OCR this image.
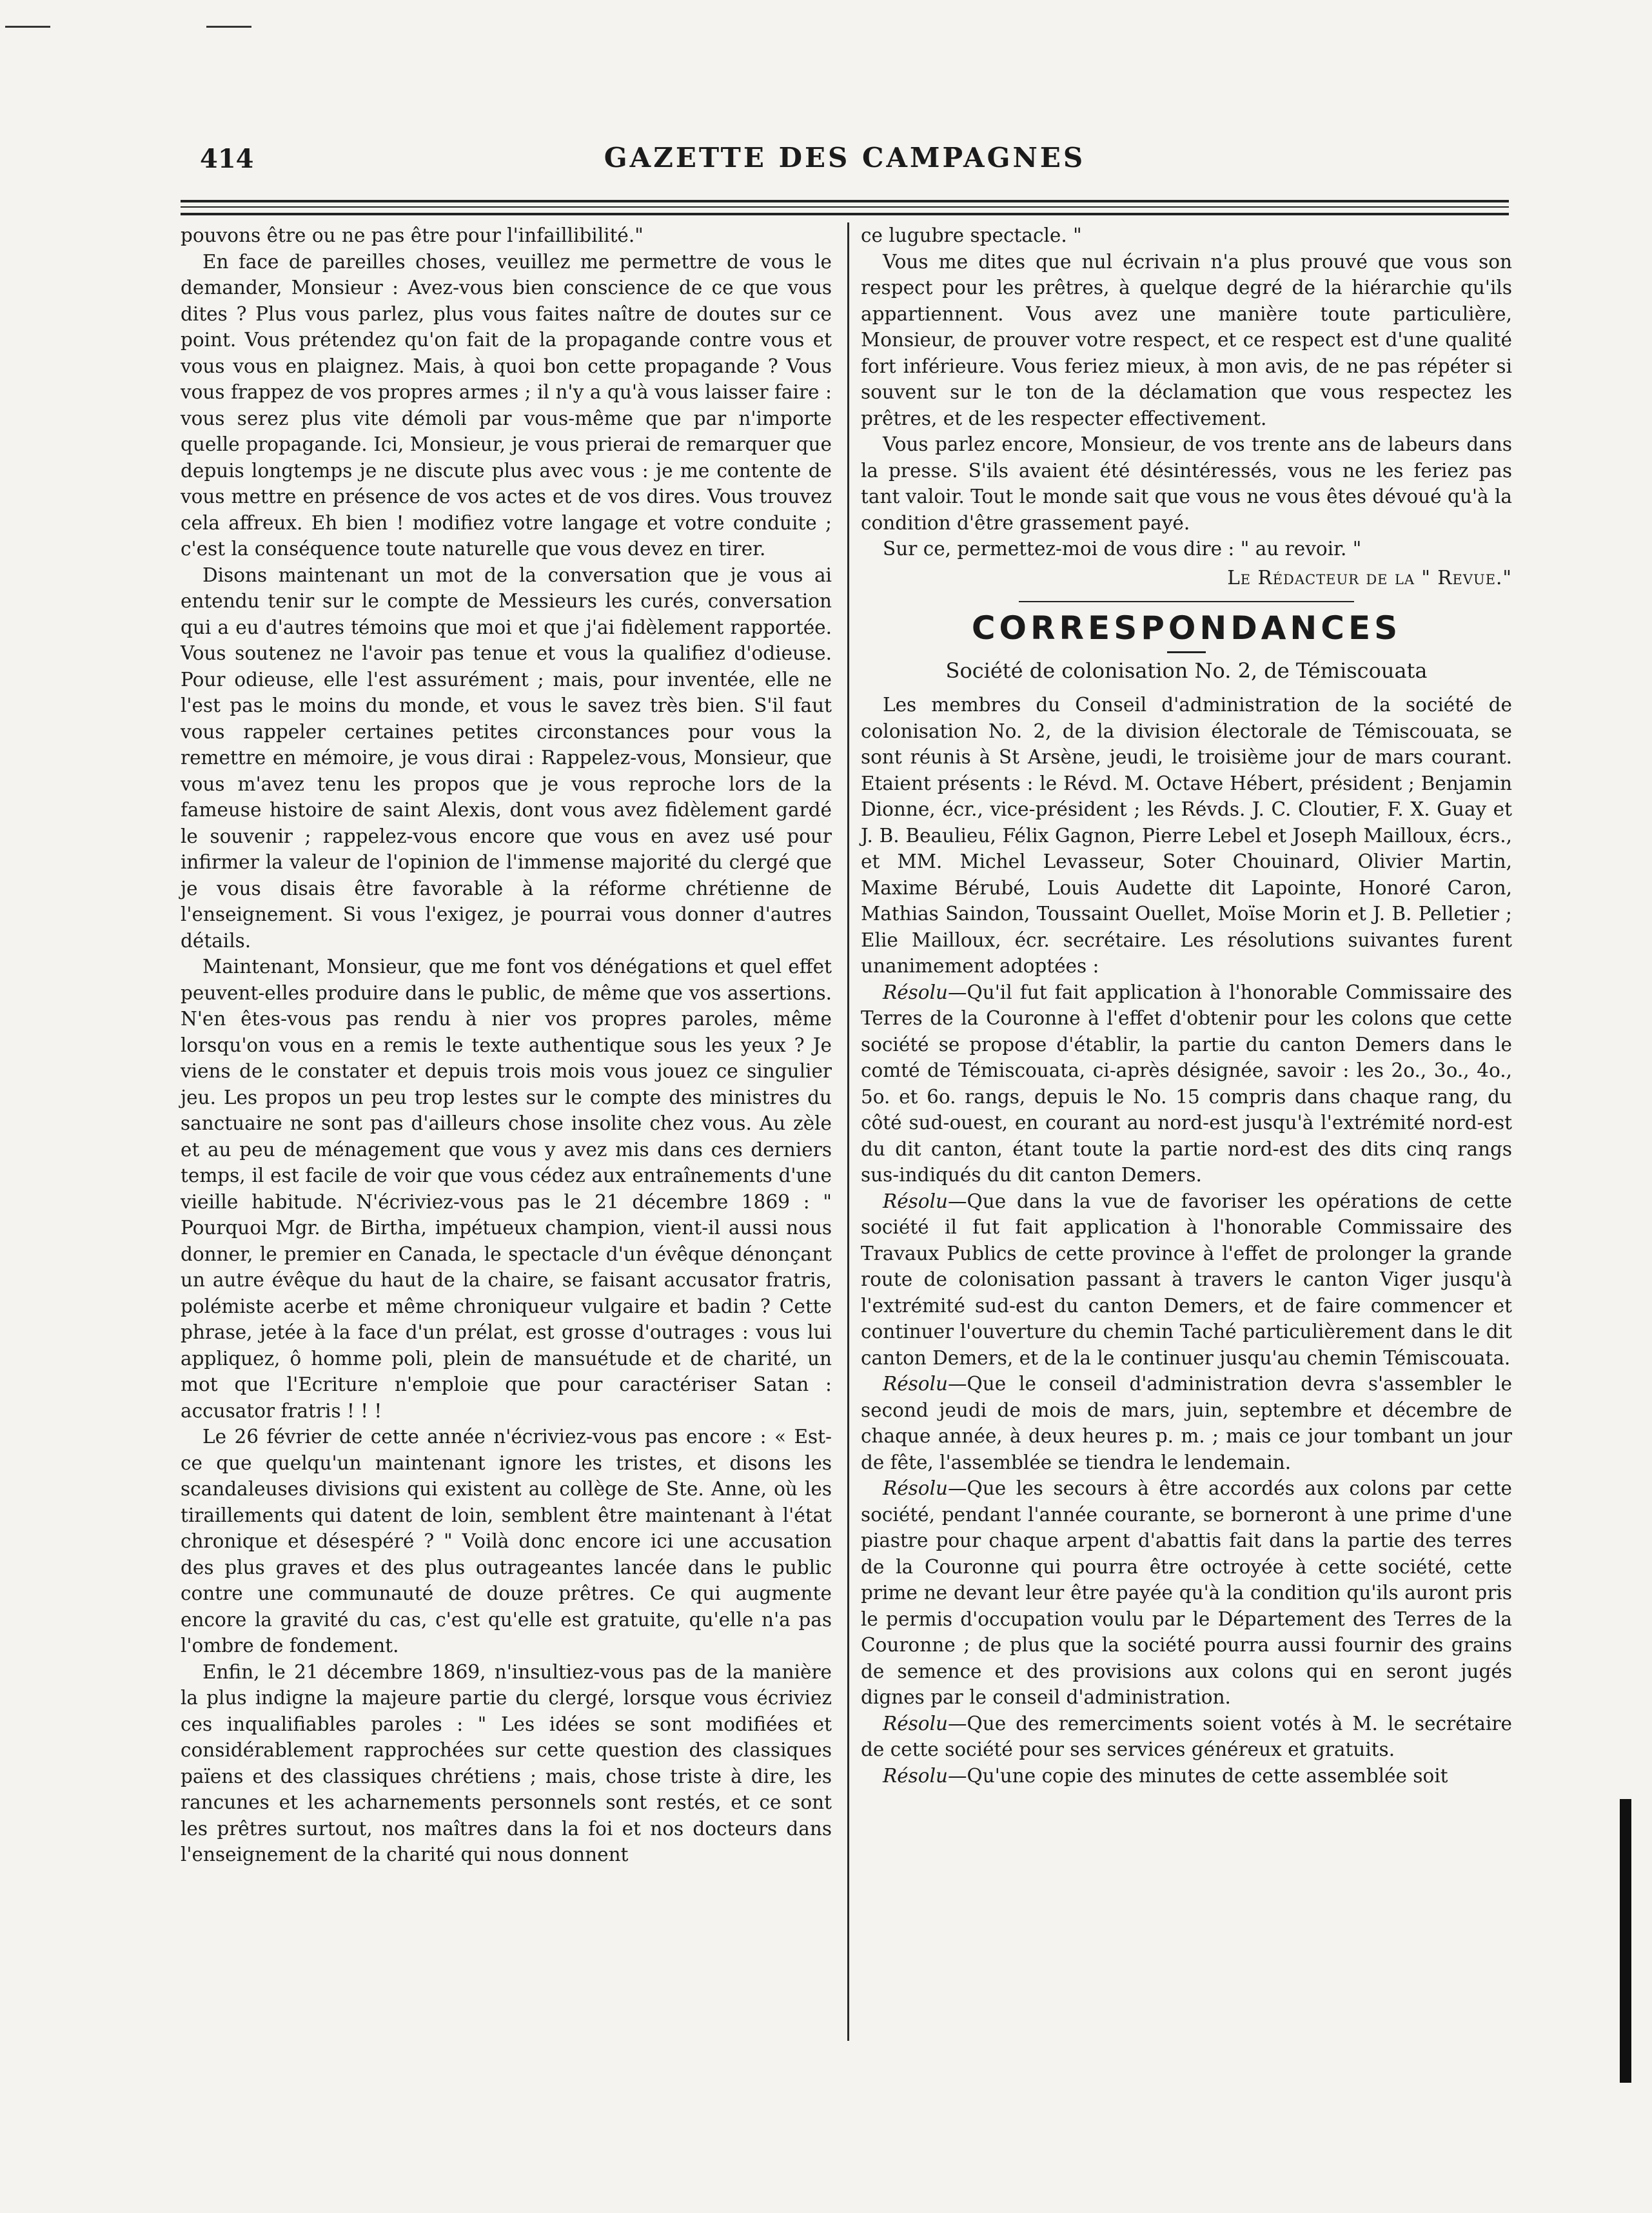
414	GAZETTE DES CAMPAGNES

pouvons être ou ne pas être pour l'infaillibilité."

En face de pareilles choses, veuillez me permettre de vous le demander, Monsieur : Avez-vous bien conscience de ce que vous dites ? Plus vous parlez, plus vous faites naître de doutes sur ce point. Vous prétendez qu'on fait de la propagande contre vous et vous vous en plaignez. Mais, à quoi bon cette propagande ? Vous vous frappez de vos propres armes ; il n'y a qu'à vous laisser faire : vous serez plus vite démoli par vous-même que par n'importe quelle propagande. Ici, Monsieur, je vous prierai de remarquer que depuis longtemps je ne discute plus avec vous : je me contente de vous mettre en présence de vos actes et de vos dires. Vous trouvez cela affreux. Eh bien ! modifiez votre langage et votre conduite ; c'est la conséquence toute naturelle que vous devez en tirer.

Disons maintenant un mot de la conversation que je vous ai entendu tenir sur le compte de Messieurs les curés, conversation qui a eu d'autres témoins que moi et que j'ai fidèlement rapportée. Vous soutenez ne l'avoir pas tenue et vous la qualifiez d'odieuse. Pour odieuse, elle l'est assurément ; mais, pour inventée, elle ne l'est pas le moins du monde, et vous le savez très bien. S'il faut vous rappeler certaines petites circonstances pour vous la remettre en mémoire, je vous dirai : Rappelez-vous, Monsieur, que vous m'avez tenu les propos que je vous reproche lors de la fameuse histoire de saint Alexis, dont vous avez fidèlement gardé le souvenir ; rappelez-vous encore que vous en avez usé pour infirmer la valeur de l'opinion de l'immense majorité du clergé que je vous disais être favorable à la réforme chrétienne de l'enseignement. Si vous l'exigez, je pourrai vous donner d'autres détails.

Maintenant, Monsieur, que me font vos dénégations et quel effet peuvent-elles produire dans le public, de même que vos assertions. N'en êtes-vous pas rendu à nier vos propres paroles, même lorsqu'on vous en a remis le texte authentique sous les yeux ? Je viens de le constater et depuis trois mois vous jouez ce singulier jeu. Les propos un peu trop lestes sur le compte des ministres du sanctuaire ne sont pas d'ailleurs chose insolite chez vous. Au zèle et au peu de ménagement que vous y avez mis dans ces derniers temps, il est facile de voir que vous cédez aux entraînements d'une vieille habitude. N'écriviez-vous pas le 21 décembre 1869 : " Pourquoi Mgr. de Birtha, impétueux champion, vient-il aussi nous donner, le premier en Canada, le spectacle d'un évêque dénonçant un autre évêque du haut de la chaire, se faisant accusator fratris, polémiste acerbe et même chroniqueur vulgaire et badin ? Cette phrase, jetée à la face d'un prélat, est grosse d'outrages : vous lui appliquez, ô homme poli, plein de mansuétude et de charité, un mot que l'Ecriture n'emploie que pour caractériser Satan : accusator fratris ! ! !

Le 26 février de cette année n'écriviez-vous pas encore : « Est-ce que quelqu'un maintenant ignore les tristes, et disons les scandaleuses divisions qui existent au collège de Ste. Anne, où les tiraillements qui datent de loin, semblent être maintenant à l'état chronique et désespéré ? " Voilà donc encore ici une accusation des plus graves et des plus outrageantes lancée dans le public contre une communauté de douze prêtres. Ce qui augmente encore la gravité du cas, c'est qu'elle est gratuite, qu'elle n'a pas l'ombre de fondement.

Enfin, le 21 décembre 1869, n'insultiez-vous pas de la manière la plus indigne la majeure partie du clergé, lorsque vous écriviez ces inqualifiables paroles : " Les idées se sont modifiées et considérablement rapprochées sur cette question des classiques païens et des classiques chrétiens ; mais, chose triste à dire, les rancunes et les acharnements personnels sont restés, et ce sont les prêtres surtout, nos maîtres dans la foi et nos docteurs dans l'enseignement de la charité qui nous donnent

ce lugubre spectacle. "

Vous me dites que nul écrivain n'a plus prouvé que vous son respect pour les prêtres, à quelque degré de la hiérarchie qu'ils appartiennent. Vous avez une manière toute particulière, Monsieur, de prouver votre respect, et ce respect est d'une qualité fort inférieure. Vous feriez mieux, à mon avis, de ne pas répéter si souvent sur le ton de la déclamation que vous respectez les prêtres, et de les respecter effectivement.

Vous parlez encore, Monsieur, de vos trente ans de labeurs dans la presse. S'ils avaient été désintéressés, vous ne les feriez pas tant valoir. Tout le monde sait que vous ne vous êtes dévoué qu'à la condition d'être grassement payé.

Sur ce, permettez-moi de vous dire : " au revoir. "

Le Rédacteur de la " Revue."
CORRESPONDANCES
Société de colonisation No. 2, de Témiscouata

Les membres du Conseil d'administration de la société de colonisation No. 2, de la division électorale de Témiscouata, se sont réunis à St Arsène, jeudi, le troisième jour de mars courant. Etaient présents : le Révd. M. Octave Hébert, président ; Benjamin Dionne, écr., vice-président ; les Révds. J. C. Cloutier, F. X. Guay et J. B. Beaulieu, Félix Gagnon, Pierre Lebel et Joseph Mailloux, écrs., et MM. Michel Levasseur, Soter Chouinard, Olivier Martin, Maxime Bérubé, Louis Audette dit Lapointe, Honoré Caron, Mathias Saindon, Toussaint Ouellet, Moïse Morin et J. B. Pelletier ; Elie Mailloux, écr. secrétaire. Les résolutions suivantes furent unanimement adoptées :

Résolu—Qu'il fut fait application à l'honorable Commissaire des Terres de la Couronne à l'effet d'obtenir pour les colons que cette société se propose d'établir, la partie du canton Demers dans le comté de Témiscouata, ci-après désignée, savoir : les 2o., 3o., 4o., 5o. et 6o. rangs, depuis le No. 15 compris dans chaque rang, du côté sud-ouest, en courant au nord-est jusqu'à l'extrémité nord-est du dit canton, étant toute la partie nord-est des dits cinq rangs sus-indiqués du dit canton Demers.

Résolu—Que dans la vue de favoriser les opérations de cette société il fut fait application à l'honorable Commissaire des Travaux Publics de cette province à l'effet de prolonger la grande route de colonisation passant à travers le canton Viger jusqu'à l'extrémité sud-est du canton Demers, et de faire commencer et continuer l'ouverture du chemin Taché particulièrement dans le dit canton Demers, et de la le continuer jusqu'au chemin Témiscouata.

Résolu—Que le conseil d'administration devra s'assembler le second jeudi de mois de mars, juin, septembre et décembre de chaque année, à deux heures p. m. ; mais ce jour tombant un jour de fête, l'assemblée se tiendra le lendemain.

Résolu—Que les secours à être accordés aux colons par cette société, pendant l'année courante, se borneront à une prime d'une piastre pour chaque arpent d'abattis fait dans la partie des terres de la Couronne qui pourra être octroyée à cette société, cette prime ne devant leur être payée qu'à la condition qu'ils auront pris le permis d'occupation voulu par le Département des Terres de la Couronne ; de plus que la société pourra aussi fournir des grains de semence et des provisions aux colons qui en seront jugés dignes par le conseil d'administration.

Résolu—Que des remerciments soient votés à M. le secrétaire de cette société pour ses services généreux et gratuits.

Résolu—Qu'une copie des minutes de cette assemblée soit
